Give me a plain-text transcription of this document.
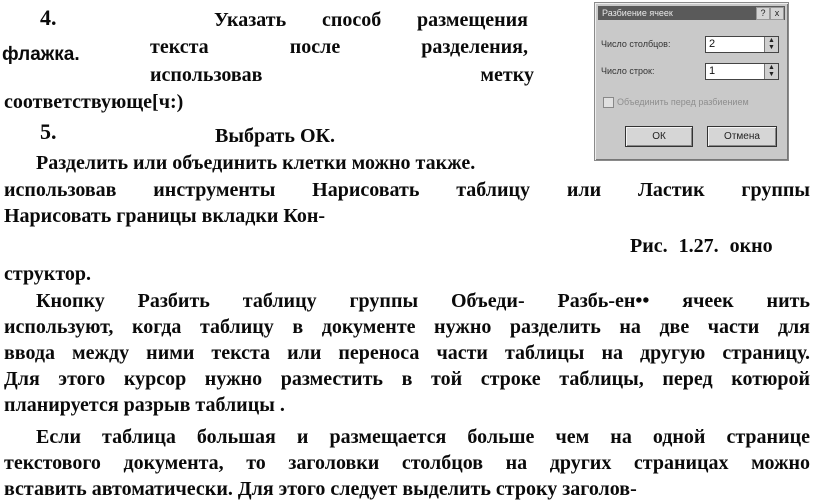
4.	Указать способ размещения
текста после разделения,
флажка.
использовав метку
соответствующе[ч:)
5.	Выбрать ОК.
Разделить или объединить клетки можно также.
использовав инструменты Нарисовать таблицу или Ластик группы
Нарисовать границы вкладки Кон-
Рис. 1.27. окно
структор.
Кнопку Разбить таблицу группы Объеди- Разбь-ен•• ячеек нить
используют, когда таблицу в документе нужно разделить на две части для
ввода между ними текста или переноса части таблицы на другую страницу.
Для этого курсор нужно разместить в той строке таблицы, перед котюрой
планируется разрыв таблицы .
Если таблица большая и размещается больше чем на одной странице
текстового документа, то заголовки столбцов на других страницах можно
вставить автоматически. Для этого следует выделить строку заголов-
Разбиение ячеек	?	x
Число столбцов:	2	▲
▼
Число строк:	1	▲
▼
Объединить перед разбиением
ОК	Отмена
